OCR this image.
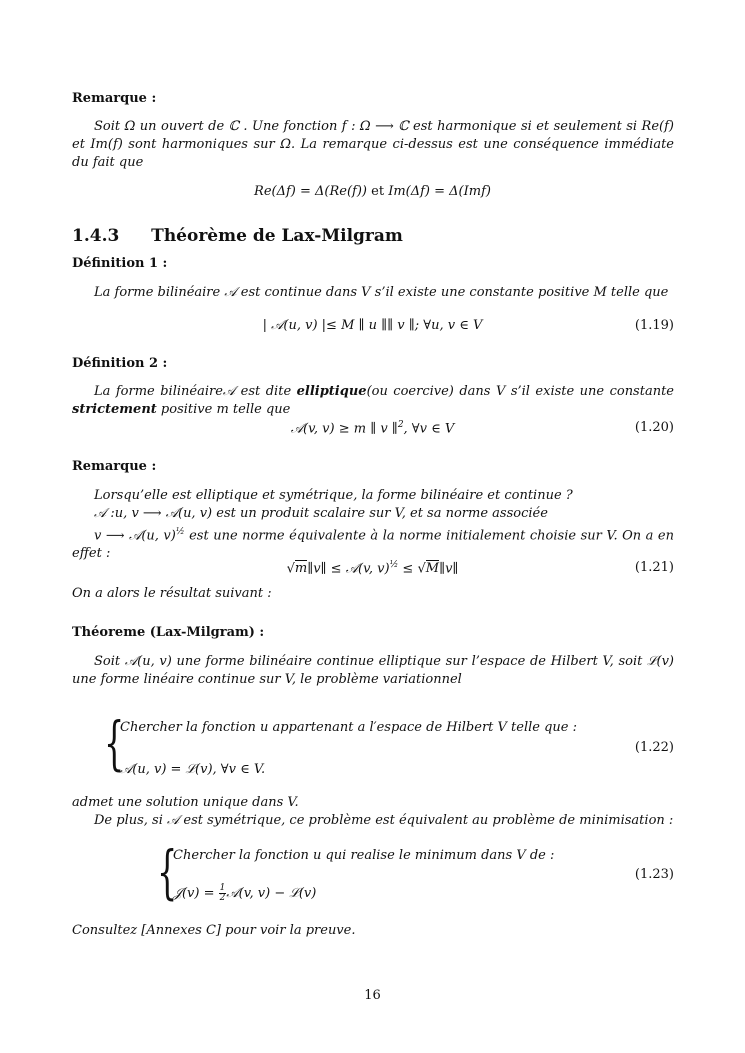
Remarque :
Soit Ω un ouvert de ℂ . Une fonction f : Ω ⟶ ℂ est harmonique si et seulement si Re(f) et Im(f) sont harmoniques sur Ω. La remarque ci-dessus est une conséquence immédiate du fait que
Re(Δf) = Δ(Re(f)) et Im(Δf) = Δ(Imf)
1.4.3 Théorème de Lax-Milgram
Définition 1 :
La forme bilinéaire 𝒜 est continue dans V s’il existe une constante positive M telle que
| 𝒜(u, v) |≤ M ∥ u ∥∥ v ∥; ∀u, v ∈ V	(1.19)
Définition 2 :
La forme bilinéaire𝒜 est dite elliptique(ou coercive) dans V s’il existe une constante strictement positive m telle que
𝒜(v, v) ≥ m ∥ v ∥$^2$, ∀v ∈ V	(1.20)
Remarque :
Lorsqu’elle est elliptique et symétrique, la forme bilinéaire et continue ?
𝒜 :u, v ⟶ 𝒜(u, v) est un produit scalaire sur V, et sa norme associée
v ⟶ 𝒜(u, v)$^{\frac{1}{2}}$ est une norme équivalente à la norme initialement choisie sur V. On a en effet :
√m∥v∥ ≤ 𝒜(v, v)$^{\frac{1}{2}}$ ≤ √M∥v∥	(1.21)
On a alors le résultat suivant :
Théoreme (Lax-Milgram) :
Soit 𝒜(u, v) une forme bilinéaire continue elliptique sur l’espace de Hilbert V, soit ℒ(v) une forme linéaire continue sur V, le problème variationnel
{
Chercher la fonction u appartenant a l′espace de Hilbert V telle que :
𝒜(u, v) = ℒ(v), ∀v ∈ V.
(1.22)
admet une solution unique dans V.
De plus, si 𝒜 est symétrique, ce problème est équivalent au problème de minimisation :
{
Chercher la fonction u qui realise le minimum dans V de :
𝒥(v) = $\frac{1}{2}$ 𝒜(v, v) − ℒ(v)
(1.23)
Consultez [Annexes C] pour voir la preuve.
16
